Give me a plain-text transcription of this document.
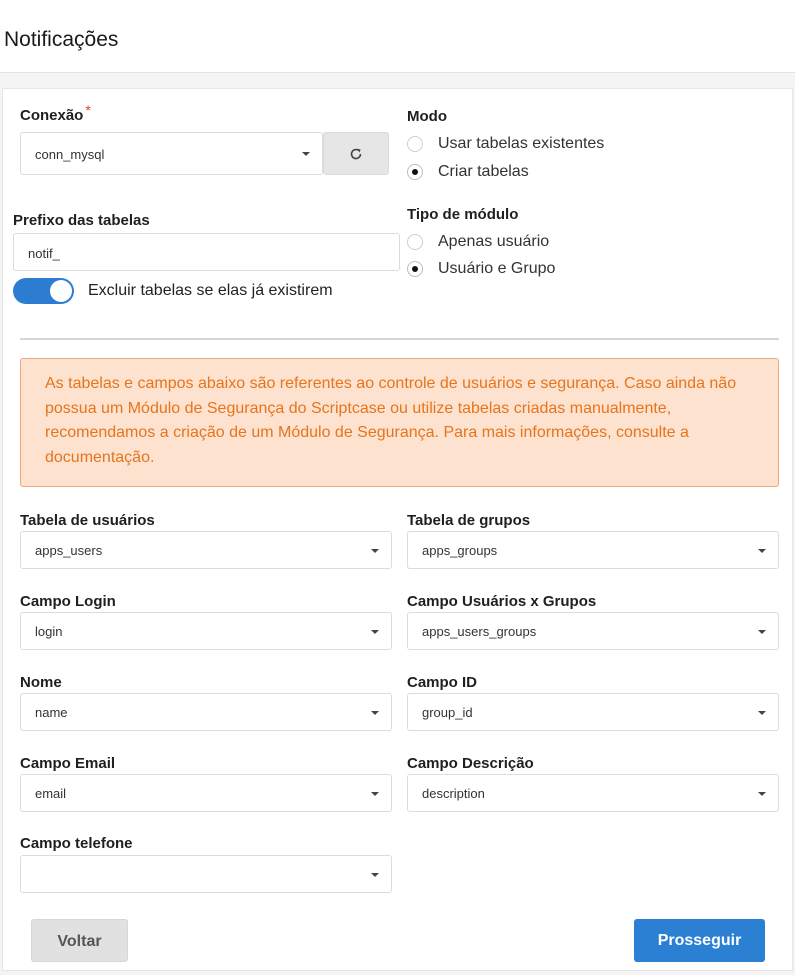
Notificações
Conexão *
conn_mysql
Modo
Usar tabelas existentes
Criar tabelas
Prefixo das tabelas
notif_
Excluir tabelas se elas já existirem
Tipo de módulo
Apenas usuário
Usuário e Grupo
As tabelas e campos abaixo são referentes ao controle de usuários e segurança. Caso ainda não possua um Módulo de Segurança do Scriptcase ou utilize tabelas criadas manualmente, recomendamos a criação de um Módulo de Segurança. Para mais informações, consulte a documentação.
Tabela de usuários
apps_users
Tabela de grupos
apps_groups
Campo Login
login
Campo Usuários x Grupos
apps_users_groups
Nome
name
Campo ID
group_id
Campo Email
email
Campo Descrição
description
Campo telefone
Voltar	Prosseguir
